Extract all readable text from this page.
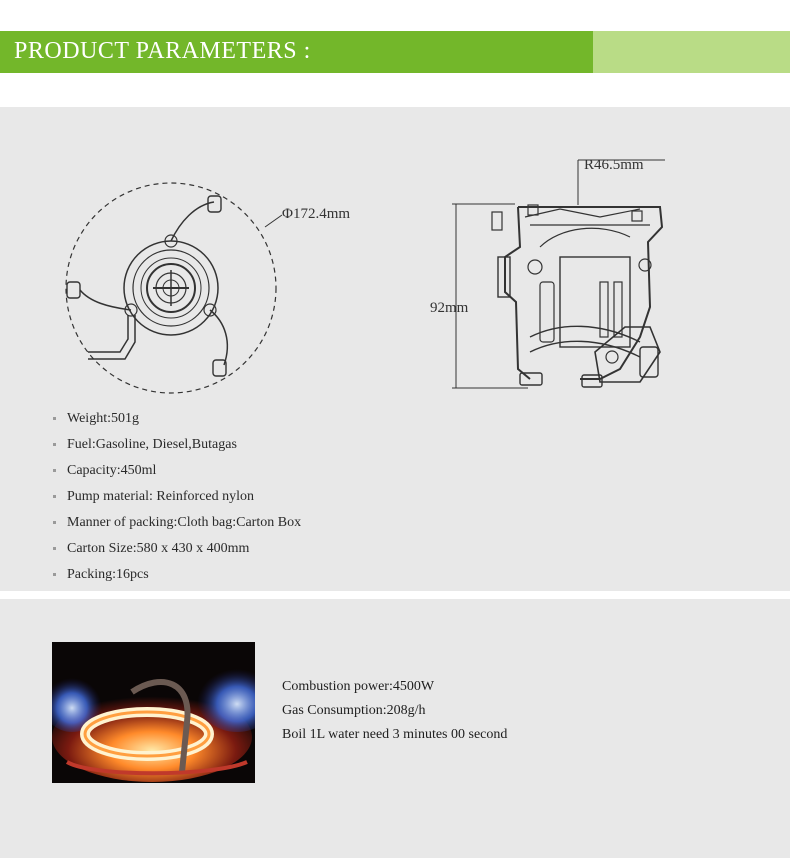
PRODUCT PARAMETERS :
Φ172.4mm
R46.5mm
92mm
Weight:501g
Fuel:Gasoline, Diesel,Butagas
Capacity:450ml
Pump material: Reinforced nylon
Manner of packing:Cloth bag:Carton Box
Carton Size:580 x 430 x 400mm
Packing:16pcs
Combustion power:4500W
Gas Consumption:208g/h
Boil 1L water need 3 minutes 00 second
